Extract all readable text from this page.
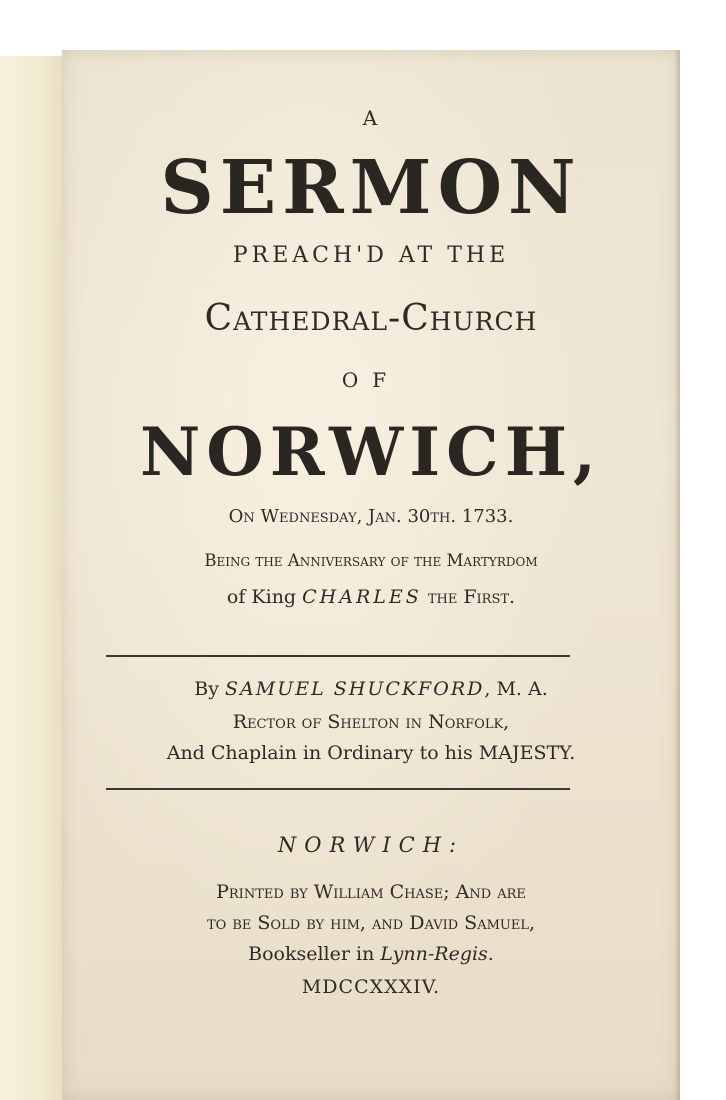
A
SERMON
PREACH'D AT THE
Cathedral-Church
OF
NORWICH,
On Wednesday, Jan. 30th. 1733.
Being the Anniversary of the Martyrdom
of King CHARLES the First.
By SAMUEL SHUCKFORD, M. A.
Rector of Shelton in Norfolk,
And Chaplain in Ordinary to his MAJESTY.
NORWICH:
Printed by William Chase; And are
to be Sold by him, and David Samuel,
Bookseller in Lynn-Regis.
MDCCXXXIV.
